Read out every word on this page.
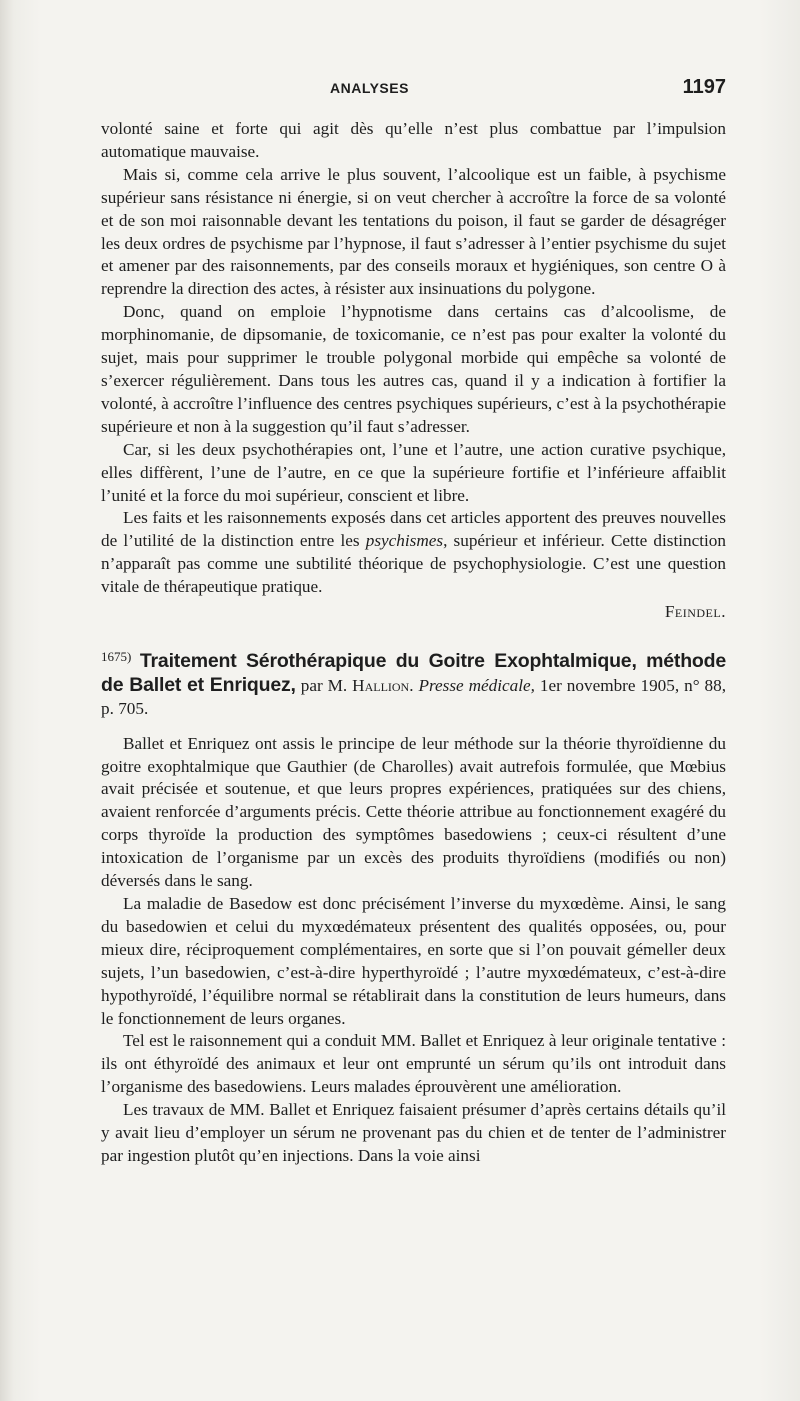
ANALYSES	1197

volonté saine et forte qui agit dès qu’elle n’est plus combattue par l’impulsion automatique mauvaise.

Mais si, comme cela arrive le plus souvent, l’alcoolique est un faible, à psychisme supérieur sans résistance ni énergie, si on veut chercher à accroître la force de sa volonté et de son moi raisonnable devant les tentations du poison, il faut se garder de désagréger les deux ordres de psychisme par l’hypnose, il faut s’adresser à l’entier psychisme du sujet et amener par des raisonnements, par des conseils moraux et hygiéniques, son centre O à reprendre la direction des actes, à résister aux insinuations du polygone.

Donc, quand on emploie l’hypnotisme dans certains cas d’alcoolisme, de morphinomanie, de dipsomanie, de toxicomanie, ce n’est pas pour exalter la volonté du sujet, mais pour supprimer le trouble polygonal morbide qui empêche sa volonté de s’exercer régulièrement. Dans tous les autres cas, quand il y a indication à fortifier la volonté, à accroître l’influence des centres psychiques supérieurs, c’est à la psychothérapie supérieure et non à la suggestion qu’il faut s’adresser.

Car, si les deux psychothérapies ont, l’une et l’autre, une action curative psychique, elles diffèrent, l’une de l’autre, en ce que la supérieure fortifie et l’inférieure affaiblit l’unité et la force du moi supérieur, conscient et libre.

Les faits et les raisonnements exposés dans cet articles apportent des preuves nouvelles de l’utilité de la distinction entre les psychismes, supérieur et inférieur. Cette distinction n’apparaît pas comme une subtilité théorique de psychophysiologie. C’est une question vitale de thérapeutique pratique.

Feindel.

$^{1675)}$ Traitement Sérothérapique du Goitre Exophtalmique, méthode de Ballet et Enriquez, par M. Hallion. Presse médicale, 1er novembre 1905, n° 88, p. 705.

Ballet et Enriquez ont assis le principe de leur méthode sur la théorie thyroïdienne du goitre exophtalmique que Gauthier (de Charolles) avait autrefois formulée, que Mœbius avait précisée et soutenue, et que leurs propres expériences, pratiquées sur des chiens, avaient renforcée d’arguments précis. Cette théorie attribue au fonctionnement exagéré du corps thyroïde la production des symptômes basedowiens ; ceux-ci résultent d’une intoxication de l’organisme par un excès des produits thyroïdiens (modifiés ou non) déversés dans le sang.

La maladie de Basedow est donc précisément l’inverse du myxœdème. Ainsi, le sang du basedowien et celui du myxœdémateux présentent des qualités opposées, ou, pour mieux dire, réciproquement complémentaires, en sorte que si l’on pouvait gémeller deux sujets, l’un basedowien, c’est-à-dire hyperthyroïdé ; l’autre myxœdémateux, c’est-à-dire hypothyroïdé, l’équilibre normal se rétablirait dans la constitution de leurs humeurs, dans le fonctionnement de leurs organes.

Tel est le raisonnement qui a conduit MM. Ballet et Enriquez à leur originale tentative : ils ont éthyroïdé des animaux et leur ont emprunté un sérum qu’ils ont introduit dans l’organisme des basedowiens. Leurs malades éprouvèrent une amélioration.

Les travaux de MM. Ballet et Enriquez faisaient présumer d’après certains détails qu’il y avait lieu d’employer un sérum ne provenant pas du chien et de tenter de l’administrer par ingestion plutôt qu’en injections. Dans la voie ainsi
